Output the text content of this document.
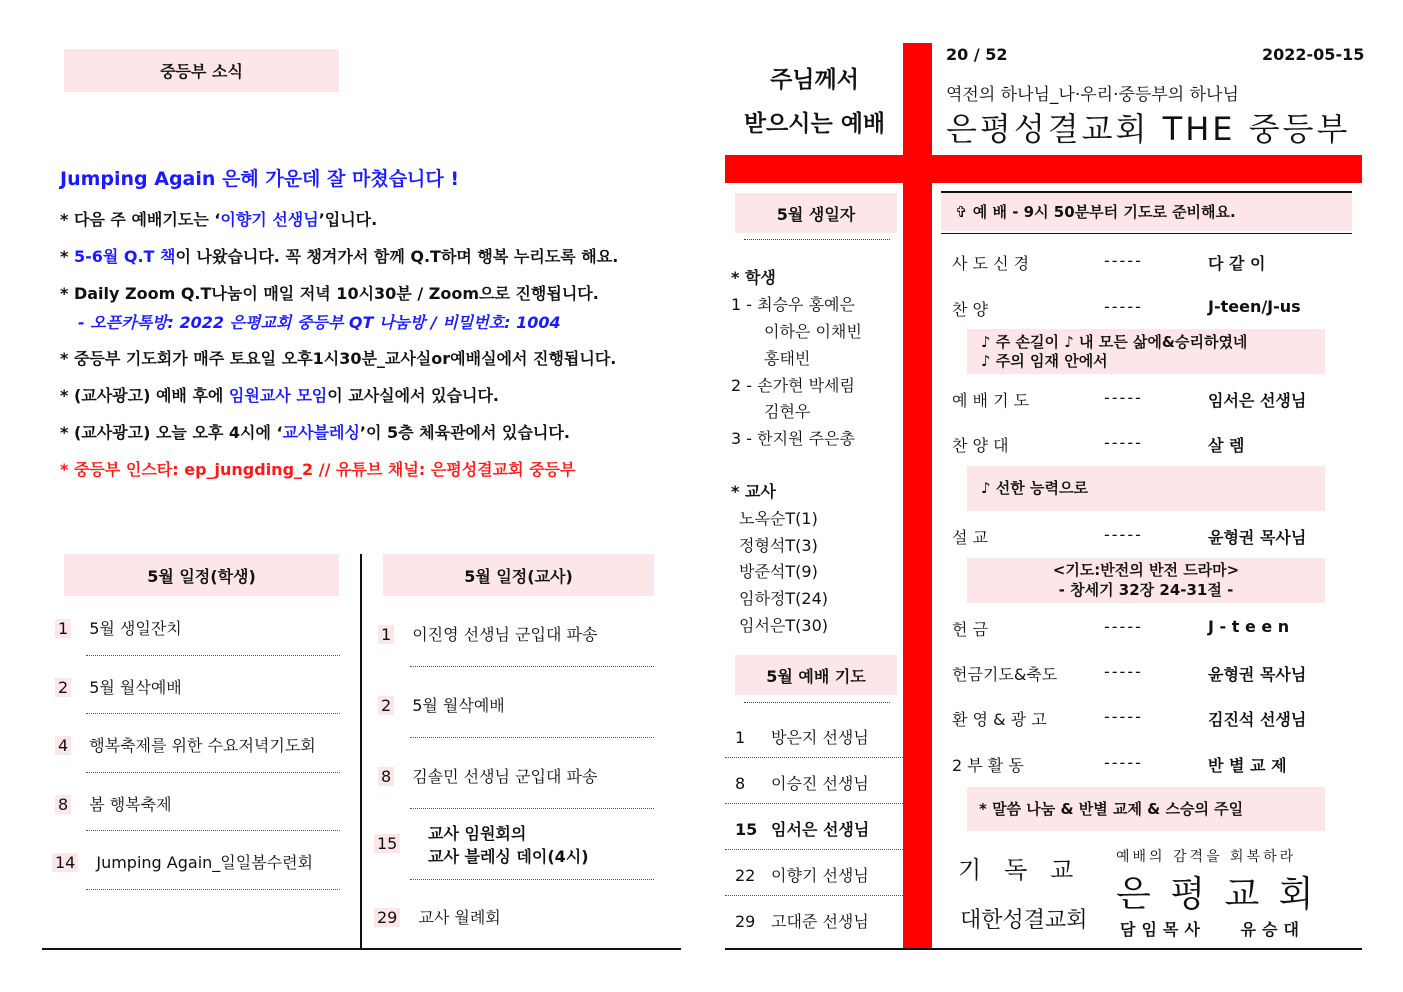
중등부 소식
Jumping Again 은혜 가운데 잘 마쳤습니다 !
* 다음 주 예배기도는 ‘이향기 선생님’입니다.
* 5-6월 Q.T 책이 나왔습니다. 꼭 챙겨가서 함께 Q.T하며 행복 누리도록 해요.
* Daily Zoom Q.T나눔이 매일 저녁 10시30분 / Zoom으로 진행됩니다.
- 오픈카톡방: 2022 은평교회 중등부 QT 나눔방 / 비밀번호: 1004
* 중등부 기도회가 매주 토요일 오후1시30분_교사실or예배실에서 진행됩니다.
* (교사광고) 예배 후에 임원교사 모임이 교사실에서 있습니다.
* (교사광고) 오늘 오후 4시에 ‘교사블레싱’이 5층 체육관에서 있습니다.
* 중등부 인스타: ep_jungding_2 // 유튜브 채널: 은평성결교회 중등부
5월 일정(학생)
1 5월 생일잔치
2 5월 월삭예배
4 행복축제를 위한 수요저녁기도회
8 봄 행복축제
14 Jumping Again_일일봄수련회
5월 일정(교사)
1 이진영 선생님 군입대 파송
2 5월 월삭예배
8 김솔민 선생님 군입대 파송
15
교사 임원회의
교사 블레싱 데이(4시)
29 교사 월례회
주님께서
받으시는 예배
20 / 52	2022-05-15
역전의 하나님_나·우리·중등부의 하나님
은평성결교회 THE 중등부
5월 생일자
* 학생
1 - 최승우 홍예은
이하은 이채빈
홍태빈
2 - 손가현 박세림
김현우
3 - 한지원 주은총
* 교사
노옥순T(1)
정형석T(3)
방준석T(9)
임하정T(24)
임서은T(30)
5월 예배 기도
1 방은지 선생님
8 이승진 선생님
15 임서은 선생님
22 이향기 선생님
29 고대준 선생님
✞ 예 배 - 9시 50분부터 기도로 준비해요.
사 도 신 경	-----	다 같 이
찬 양	-----	J-teen/J-us
♪ 주 손길이 ♪ 내 모든 삶에&승리하였네
♪ 주의 임재 안에서
예 배 기 도	-----	임서은 선생님
찬 양 대	-----	살 렘
♪ 선한 능력으로
설 교	-----	윤형권 목사님
<기도:반전의 반전 드라마>
- 창세기 32장 24-31절 -
헌 금	-----	J - t e e n
헌금기도&축도	-----	윤형권 목사님
환 영 & 광 고	-----	김진석 선생님
2 부 활 동	-----	반 별 교 제
* 말씀 나눔 & 반별 교제 & 스승의 주일
기   독   교
대한성결교회
예배의 감격을 회복하라
은 평 교 회
담임목사   유승대
